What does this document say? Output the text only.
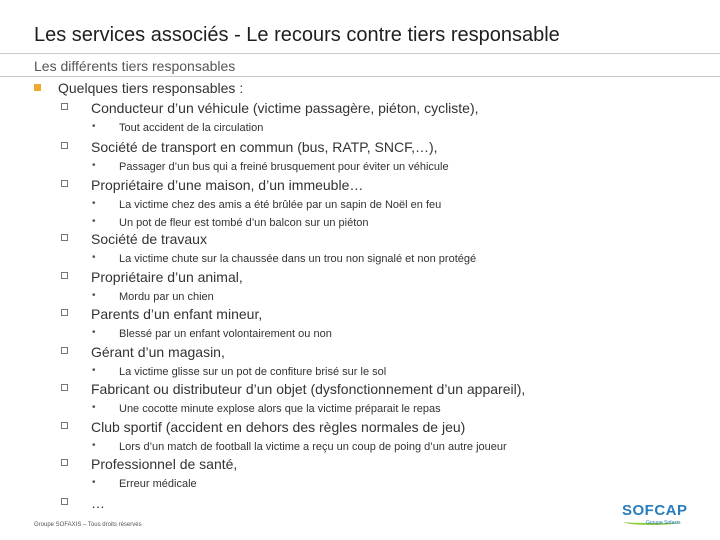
Les services associés - Le recours contre tiers responsable
Les différents tiers responsables
Quelques tiers responsables :
Conducteur d’un véhicule (victime passagère, piéton, cycliste),
• Tout accident de la circulation
Société de transport en commun (bus, RATP, SNCF,…),
• Passager d’un bus qui a freiné brusquement pour éviter un véhicule
Propriétaire d’une maison, d’un immeuble…
• La victime chez des amis a été brûlée par un sapin de Noël en feu
• Un pot de fleur est tombé d’un balcon sur un piéton
Société de travaux
• La victime chute sur la chaussée dans un trou non signalé et non protégé
Propriétaire d’un animal,
• Mordu par un chien
Parents d’un enfant mineur,
• Blessé par un enfant volontairement ou non
Gérant d’un magasin,
• La victime glisse sur un pot de confiture brisé sur le sol
Fabricant ou distributeur d’un objet (dysfonctionnement d’un appareil),
• Une cocotte minute explose alors que la victime préparait le repas
Club sportif (accident en dehors des règles normales de jeu)
• Lors d’un match de football la victime a reçu un coup de poing d’un autre joueur
Professionnel de santé,
• Erreur médicale
…
Groupe SOFAXIS – Tous droits réservés
SOFCAP
Groupe Sofaxis
